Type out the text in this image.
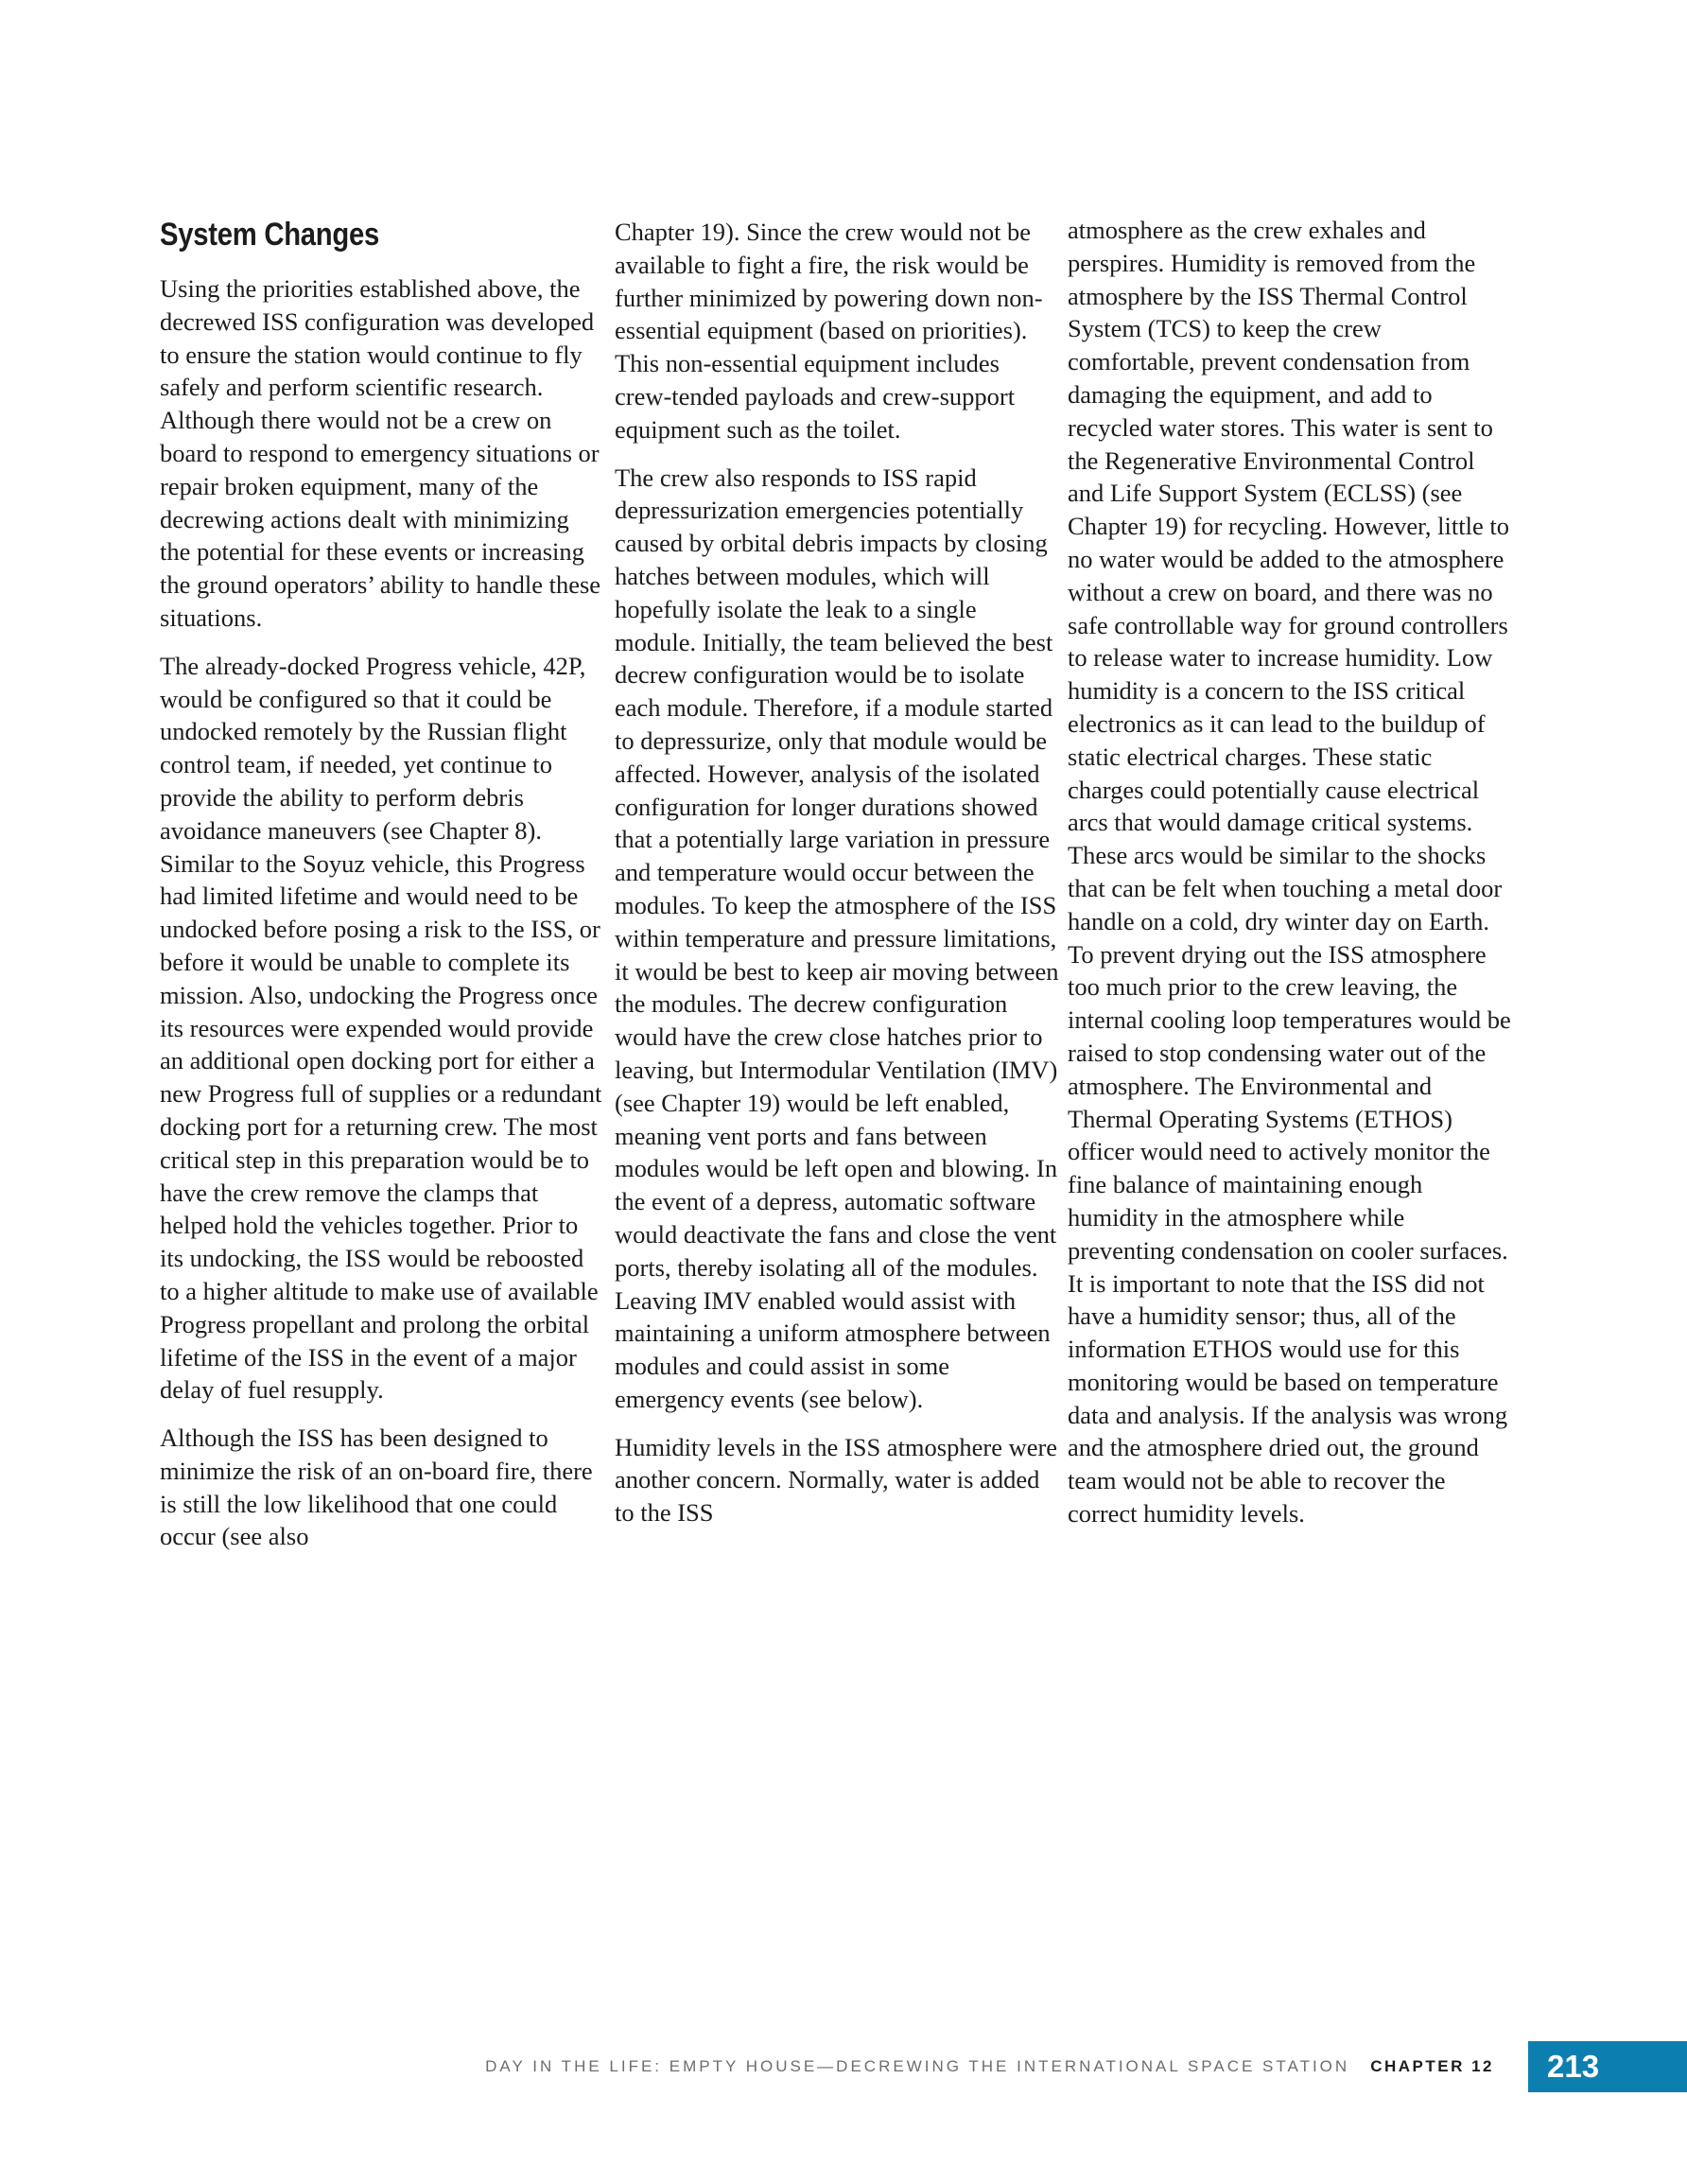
System Changes

Using the priorities established above, the decrewed ISS configuration was developed to ensure the station would continue to fly safely and perform scientific research. Although there would not be a crew on board to respond to emergency situations or repair broken equipment, many of the decrewing actions dealt with minimizing the potential for these events or increasing the ground operators’ ability to handle these situations.

The already-docked Progress vehicle, 42P, would be configured so that it could be undocked remotely by the Russian flight control team, if needed, yet continue to provide the ability to perform debris avoidance maneuvers (see Chapter 8). Similar to the Soyuz vehicle, this Progress had limited lifetime and would need to be undocked before posing a risk to the ISS, or before it would be unable to complete its mission. Also, undocking the Progress once its resources were expended would provide an additional open docking port for either a new Progress full of supplies or a redundant docking port for a returning crew. The most critical step in this preparation would be to have the crew remove the clamps that helped hold the vehicles together. Prior to its undocking, the ISS would be reboosted to a higher altitude to make use of available Progress propellant and prolong the orbital lifetime of the ISS in the event of a major delay of fuel resupply.

Although the ISS has been designed to minimize the risk of an on-board fire, there is still the low likelihood that one could occur (see also

Chapter 19). Since the crew would not be available to fight a fire, the risk would be further minimized by powering down non-essential equipment (based on priorities). This non-essential equipment includes crew-tended payloads and crew-support equipment such as the toilet.

The crew also responds to ISS rapid depressurization emergencies potentially caused by orbital debris impacts by closing hatches between modules, which will hopefully isolate the leak to a single module. Initially, the team believed the best decrew configuration would be to isolate each module. Therefore, if a module started to depressurize, only that module would be affected. However, analysis of the isolated configuration for longer durations showed that a potentially large variation in pressure and temperature would occur between the modules. To keep the atmosphere of the ISS within temperature and pressure limitations, it would be best to keep air moving between the modules. The decrew configuration would have the crew close hatches prior to leaving, but Intermodular Ventilation (IMV) (see Chapter 19) would be left enabled, meaning vent ports and fans between modules would be left open and blowing. In the event of a depress, automatic software would deactivate the fans and close the vent ports, thereby isolating all of the modules. Leaving IMV enabled would assist with maintaining a uniform atmosphere between modules and could assist in some emergency events (see below).

Humidity levels in the ISS atmosphere were another concern. Normally, water is added to the ISS

atmosphere as the crew exhales and perspires. Humidity is removed from the atmosphere by the ISS Thermal Control System (TCS) to keep the crew comfortable, prevent condensation from damaging the equipment, and add to recycled water stores. This water is sent to the Regenerative Environmental Control and Life Support System (ECLSS) (see Chapter 19) for recycling. However, little to no water would be added to the atmosphere without a crew on board, and there was no safe controllable way for ground controllers to release water to increase humidity. Low humidity is a concern to the ISS critical electronics as it can lead to the buildup of static electrical charges. These static charges could potentially cause electrical arcs that would damage critical systems. These arcs would be similar to the shocks that can be felt when touching a metal door handle on a cold, dry winter day on Earth. To prevent drying out the ISS atmosphere too much prior to the crew leaving, the internal cooling loop temperatures would be raised to stop condensing water out of the atmosphere. The Environmental and Thermal Operating Systems (ETHOS) officer would need to actively monitor the fine balance of maintaining enough humidity in the atmosphere while preventing condensation on cooler surfaces. It is important to note that the ISS did not have a humidity sensor; thus, all of the information ETHOS would use for this monitoring would be based on temperature data and analysis. If the analysis was wrong and the atmosphere dried out, the ground team would not be able to recover the correct humidity levels.

DAY IN THE LIFE: EMPTY HOUSE—DECREWING THE INTERNATIONAL SPACE STATION CHAPTER 12	213
